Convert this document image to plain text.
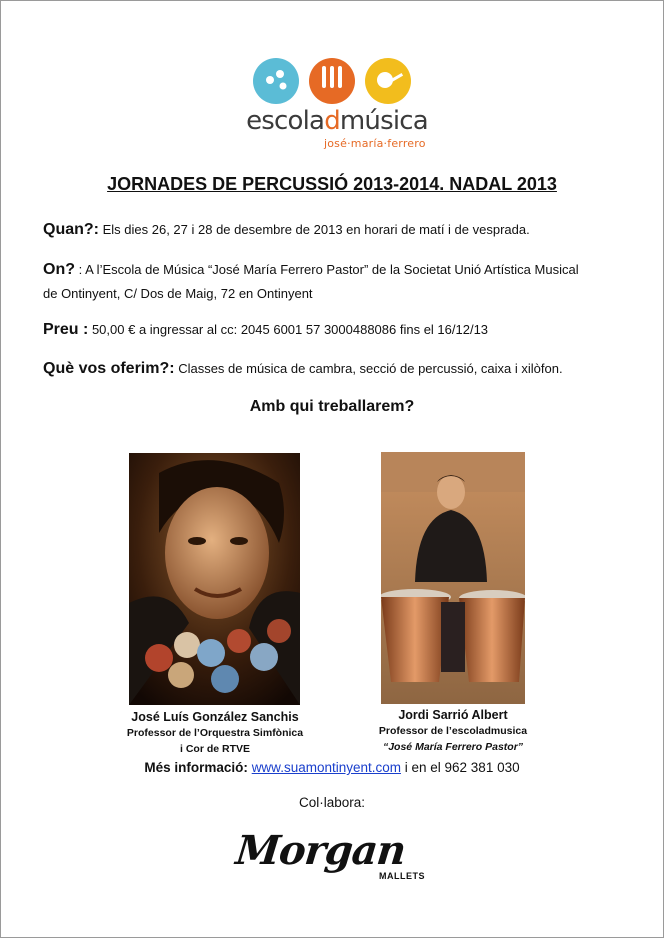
escoladmúsica
josé·maría·ferrero
JORNADES DE PERCUSSIÓ 2013-2014. NADAL 2013
Quan?: Els dies 26, 27 i 28 de desembre de 2013 en horari de matí i de vesprada.
On? : A l’Escola de Música “José María Ferrero Pastor” de la Societat Unió Artística Musical
de Ontinyent, C/ Dos de Maig, 72 en Ontinyent
Preu : 50,00 € a ingressar al cc: 2045 6001 57 3000488086 fins el 16/12/13
Què vos oferim?: Classes de música de cambra, secció de percussió, caixa i xilòfon.
Amb qui treballarem?
José Luís González Sanchis
Professor de l’Orquestra Simfònica
i Cor de RTVE
Jordi Sarrió Albert
Professor de l’escoladmusica
“José María Ferrero Pastor”
Més informació: www.suamontinyent.com i en el 962 381 030
Col·labora:
Morgan
MALLETS
